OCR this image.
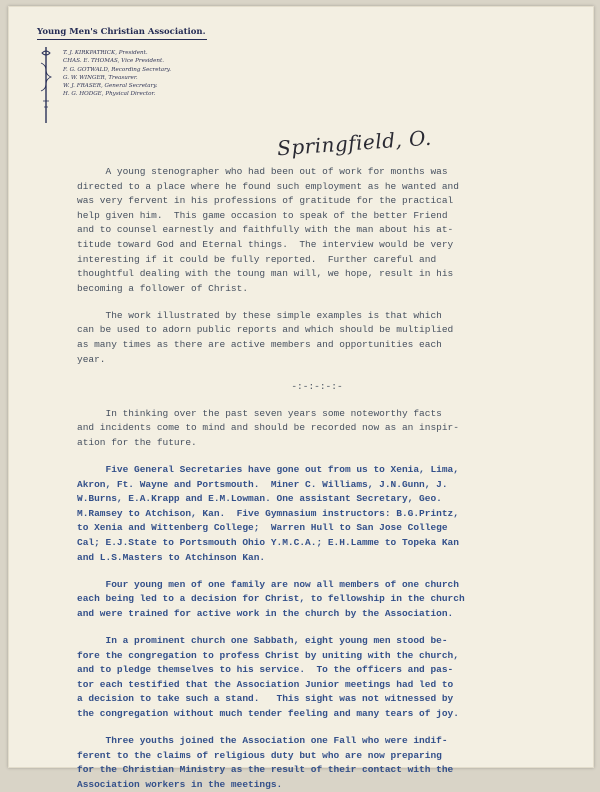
Young Men's Christian Association.
T. J. KIRKPATRICK, President.
CHAS. E. THOMAS, Vice President.
F. G. GOTWALD, Recording Secretary.
G. W. WINGER, Treasurer.
W. J. FRASER, General Secretary.
H. G. HODGE, Physical Director.
Springfield, O.

A young stenographer who had been out of work for months was

directed to a place where he found such employment as he wanted and

was very fervent in his professions of gratitude for the practical

help given him.  This game occasion to speak of the better Friend

and to counsel earnestly and faithfully with the man about his at-

titude toward God and Eternal things.  The interview would be very

interesting if it could be fully reported.  Further careful and

thoughtful dealing with the toung man will, we hope, result in his

becoming a follower of Christ.

The work illustrated by these simple examples is that which

can be used to adorn public reports and which should be multiplied

as many times as there are active members and opportunities each

year.

-:-:-:-:-

In thinking over the past seven years some noteworthy facts

and incidents come to mind and should be recorded now as an inspir-

ation for the future.

Five General Secretaries have gone out from us to Xenia, Lima,

Akron, Ft. Wayne and Portsmouth.  Miner C. Williams, J.N.Gunn, J.

W.Burns, E.A.Krapp and E.M.Lowman. One assistant Secretary, Geo.

M.Ramsey to Atchison, Kan.  Five Gymnasium instructors: B.G.Printz,

to Xenia and Wittenberg College;  Warren Hull to San Jose College

Cal; E.J.State to Portsmouth Ohio Y.M.C.A.; E.H.Lamme to Topeka Kan

and L.S.Masters to Atchinson Kan.

Four young men of one family are now all members of one church

each being led to a decision for Christ, to fellowship in the church

and were trained for active work in the church by the Association.

In a prominent church one Sabbath, eight young men stood be-

fore the congregation to profess Christ by uniting with the church,

and to pledge themselves to his service.  To the officers and pas-

tor each testified that the Association Junior meetings had led to

a decision to take such a stand.   This sight was not witnessed by

the congregation without much tender feeling and many tears of joy.

Three youths joined the Association one Fall who were indif-

ferent to the claims of religious duty but who are now preparing

for the Christian Ministry as the result of their contact with the

Association workers in the meetings.
